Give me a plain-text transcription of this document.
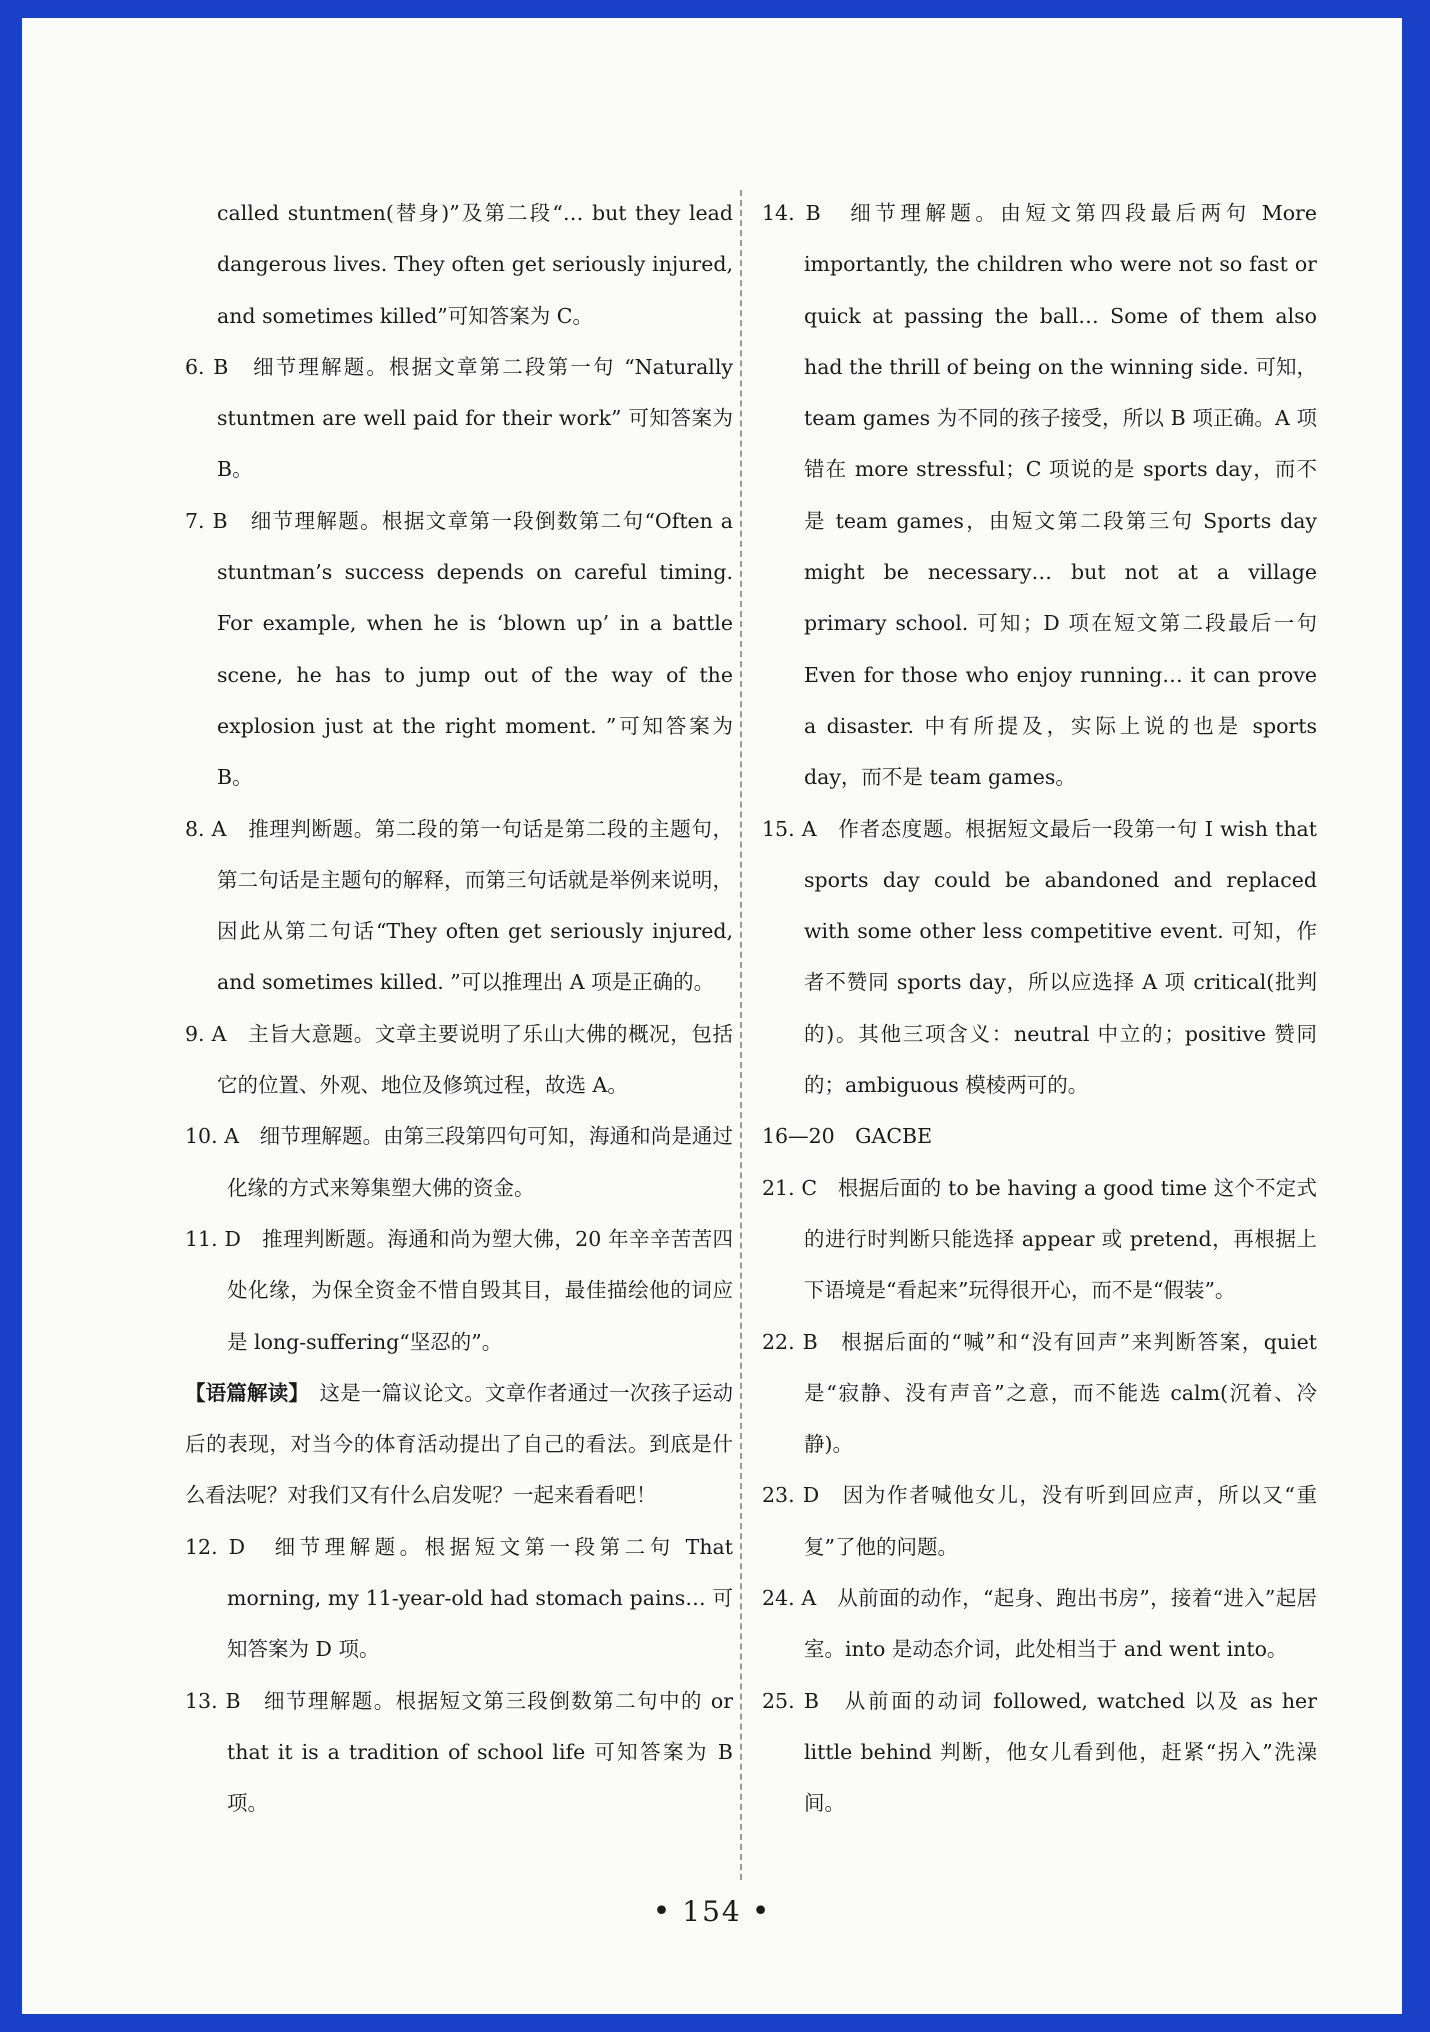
called stuntmen(替身)”及第二段“… but they lead dangerous lives. They often get seriously injured, and sometimes killed”可知答案为 C。

6. B　细节理解题。根据文章第二段第一句 “Naturally stuntmen are well paid for their work” 可知答案为 B。

7. B　细节理解题。根据文章第一段倒数第二句“Often a stuntman’s success depends on careful timing. For example, when he is ‘blown up’ in a battle scene, he has to jump out of the way of the explosion just at the right moment. ”可知答案为 B。

8. A　推理判断题。第二段的第一句话是第二段的主题句，第二句话是主题句的解释，而第三句话就是举例来说明，因此从第二句话“They often get seriously injured, and sometimes killed. ”可以推理出 A 项是正确的。

9. A　主旨大意题。文章主要说明了乐山大佛的概况，包括它的位置、外观、地位及修筑过程，故选 A。

10. A　细节理解题。由第三段第四句可知，海通和尚是通过化缘的方式来筹集塑大佛的资金。

11. D　推理判断题。海通和尚为塑大佛，20 年辛辛苦苦四处化缘，为保全资金不惜自毁其目，最佳描绘他的词应是 long-suffering“坚忍的”。

【语篇解读】　这是一篇议论文。文章作者通过一次孩子运动后的表现，对当今的体育活动提出了自己的看法。到底是什么看法呢？对我们又有什么启发呢？一起来看看吧！

12. D　细节理解题。根据短文第一段第二句 That morning, my 11-year-old had stomach pains… 可知答案为 D 项。

13. B　细节理解题。根据短文第三段倒数第二句中的 or that it is a tradition of school life 可知答案为 B 项。

14. B　细节理解题。由短文第四段最后两句 More importantly, the children who were not so fast or quick at passing the ball… Some of them also had the thrill of being on the winning side. 可知，team games 为不同的孩子接受，所以 B 项正确。A 项错在 more stressful；C 项说的是 sports day，而不是 team games，由短文第二段第三句 Sports day might be necessary… but not at a village primary school. 可知；D 项在短文第二段最后一句 Even for those who enjoy running… it can prove a disaster. 中有所提及，实际上说的也是 sports day，而不是 team games。

15. A　作者态度题。根据短文最后一段第一句 I wish that sports day could be abandoned and replaced with some other less competitive event. 可知，作者不赞同 sports day，所以应选择 A 项 critical(批判的)。其他三项含义：neutral 中立的；positive 赞同的；ambiguous 模棱两可的。

16—20　GACBE

21. C　根据后面的 to be having a good time 这个不定式的进行时判断只能选择 appear 或 pretend，再根据上下语境是“看起来”玩得很开心，而不是“假装”。

22. B　根据后面的“喊”和“没有回声”来判断答案，quiet 是“寂静、没有声音”之意，而不能选 calm(沉着、冷静)。

23. D　因为作者喊他女儿，没有听到回应声，所以又“重复”了他的问题。

24. A　从前面的动作，“起身、跑出书房”，接着“进入”起居室。into 是动态介词，此处相当于 and went into。

25. B　从前面的动词 followed, watched 以及 as her little behind 判断，他女儿看到他，赶紧“拐入”洗澡间。

• 154 •
